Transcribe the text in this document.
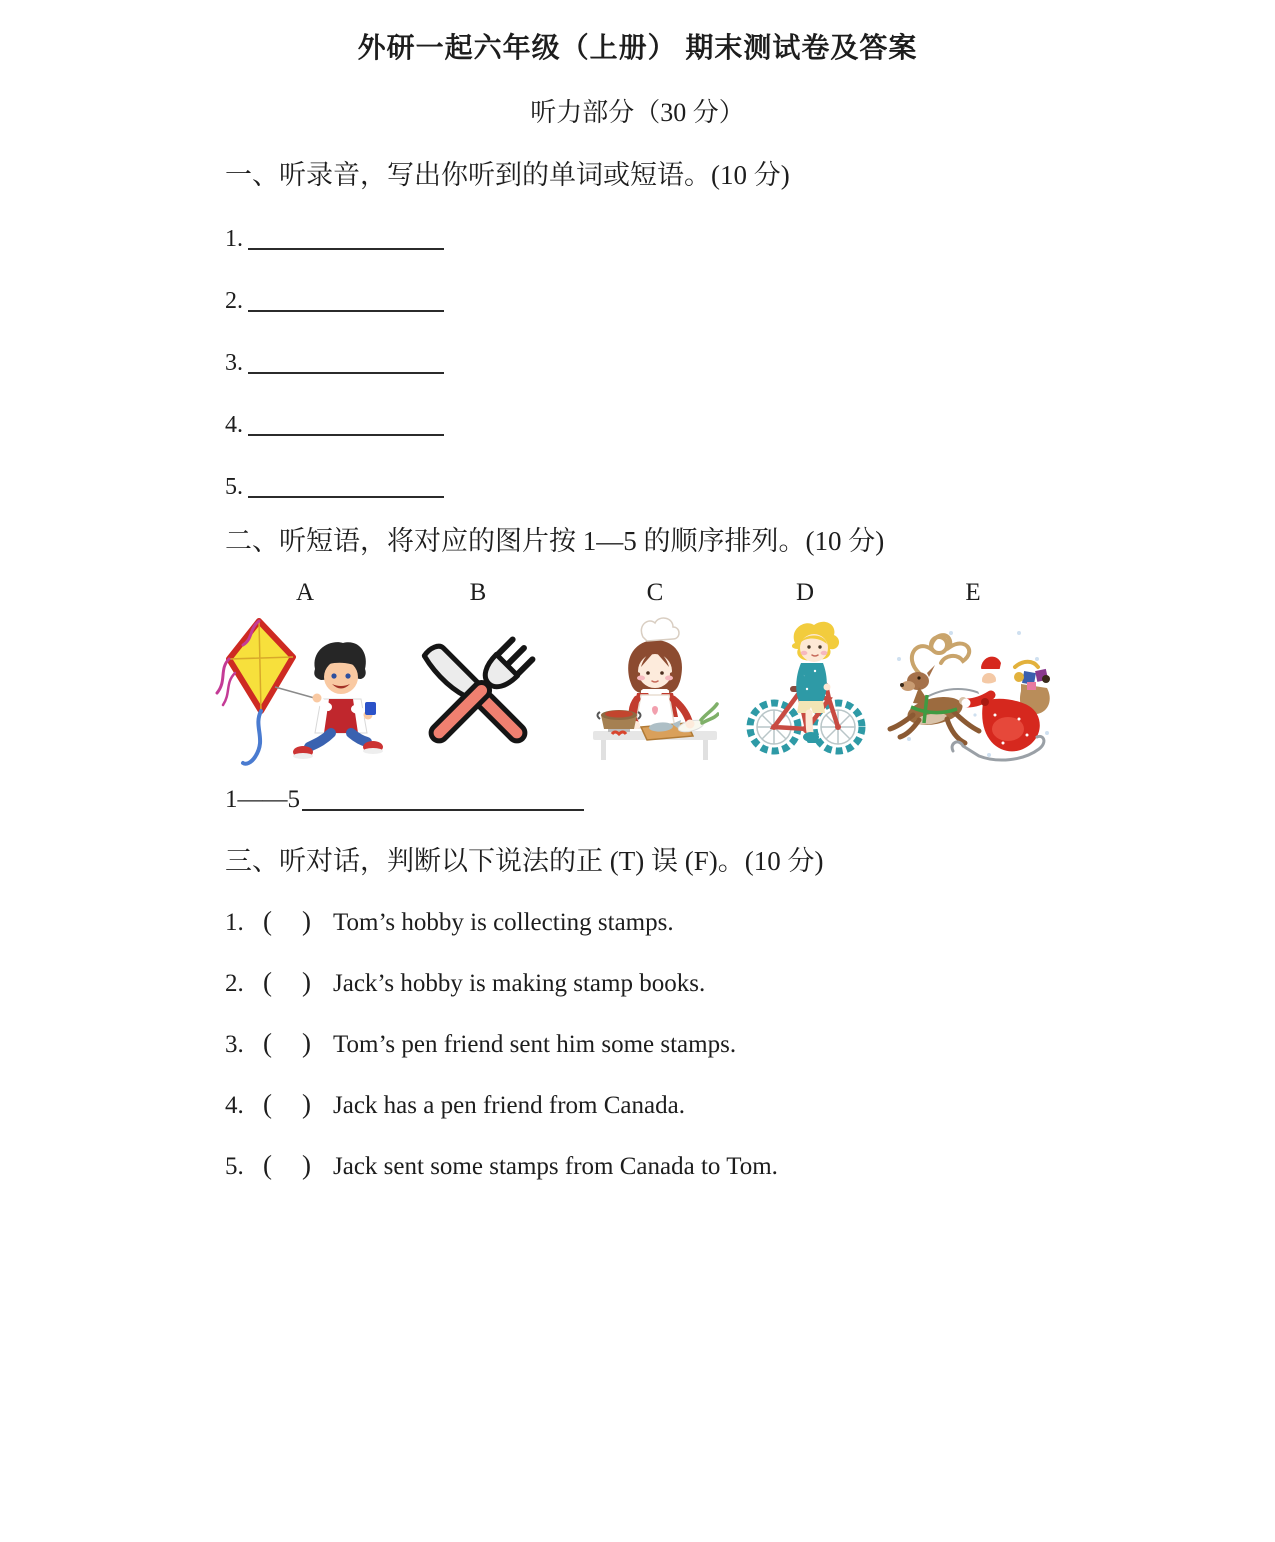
外研一起六年级（上册） 期末测试卷及答案
听力部分（30 分）
一、听录音，写出你听到的单词或短语。(10 分)
1.
2.
3.
4.
5.
二、听短语，将对应的图片按 1—5 的顺序排列。(10 分)
A	B	C	D	E
1——5
三、听对话，判断以下说法的正 (T) 误 (F)。(10 分)
1. ( ) Tom’s hobby is collecting stamps.
2. ( ) Jack’s hobby is making stamp books.
3. ( ) Tom’s pen friend sent him some stamps.
4. ( ) Jack has a pen friend from Canada.
5. ( ) Jack sent some stamps from Canada to Tom.
